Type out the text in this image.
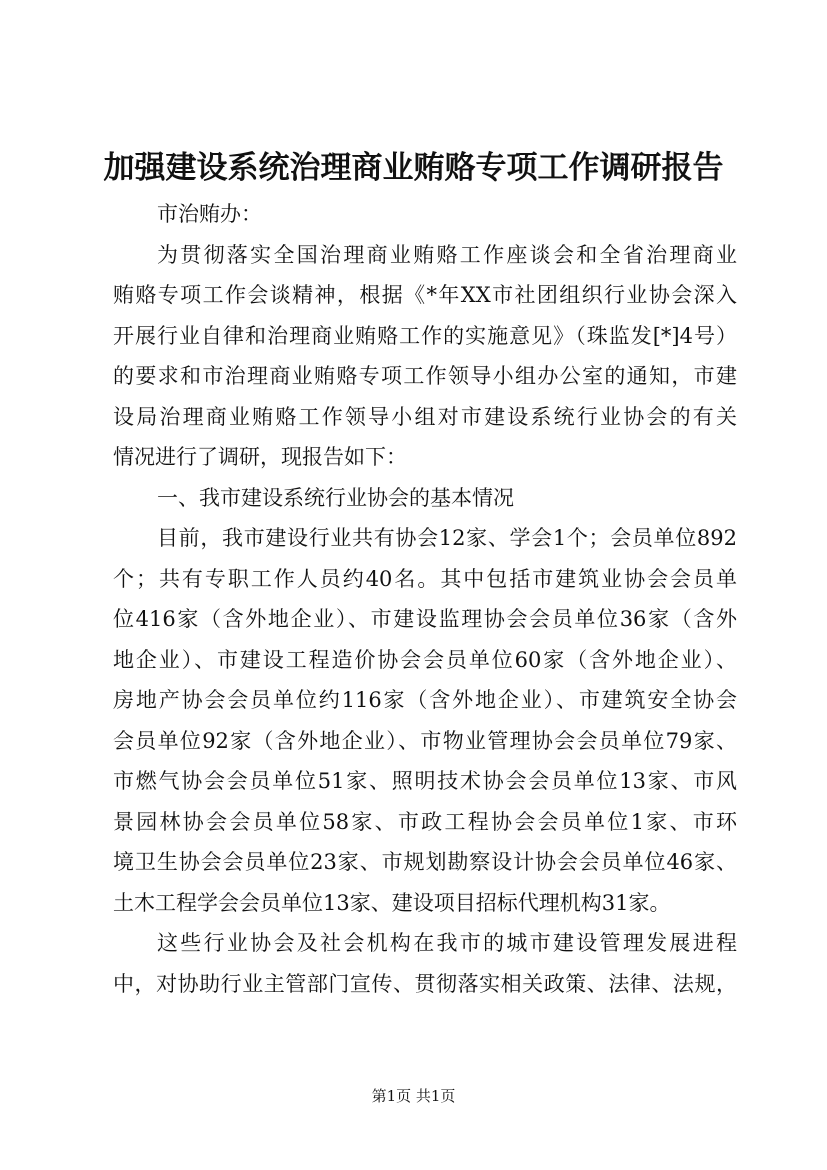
加强建设系统治理商业贿赂专项工作调研报告
市治贿办：
为贯彻落实全国治理商业贿赂工作座谈会和全省治理商业
贿赂专项工作会谈精神，根据《*年XX市社团组织行业协会深入
开展行业自律和治理商业贿赂工作的实施意见》（珠监发[*]4号）
的要求和市治理商业贿赂专项工作领导小组办公室的通知，市建
设局治理商业贿赂工作领导小组对市建设系统行业协会的有关
情况进行了调研，现报告如下：
一、我市建设系统行业协会的基本情况
目前，我市建设行业共有协会12家、学会1个；会员单位892
个；共有专职工作人员约40名。其中包括市建筑业协会会员单
位416家（含外地企业）、市建设监理协会会员单位36家（含外
地企业）、市建设工程造价协会会员单位60家（含外地企业）、
房地产协会会员单位约116家（含外地企业）、市建筑安全协会
会员单位92家（含外地企业）、市物业管理协会会员单位79家、
市燃气协会会员单位51家、照明技术协会会员单位13家、市风
景园林协会会员单位58家、市政工程协会会员单位1家、市环
境卫生协会会员单位23家、市规划勘察设计协会会员单位46家、
土木工程学会会员单位13家、建设项目招标代理机构31家。
这些行业协会及社会机构在我市的城市建设管理发展进程
中，对协助行业主管部门宣传、贯彻落实相关政策、法律、法规，
第1页 共1页
